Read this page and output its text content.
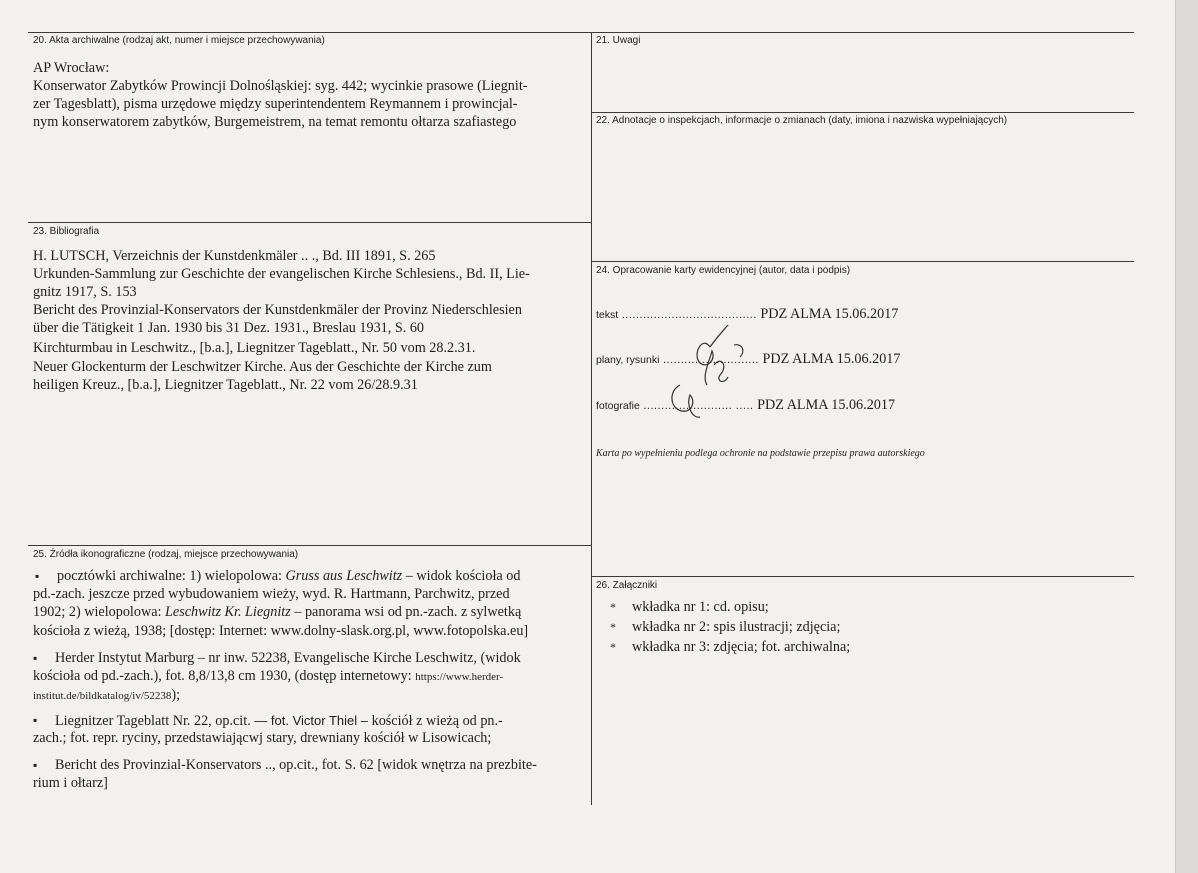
20. Akta archiwalne (rodzaj akt, numer i miejsce przechowywania)
AP Wrocław:
Konserwator Zabytków Prowincji Dolnośląskiej: syg. 442; wycinkie prasowe (Liegnit-
zer Tagesblatt), pisma urzędowe między superintendentem Reymannem i prowincjal-
nym konserwatorem zabytków, Burgemeistrem, na temat remontu ołtarza szafiastego
21. Uwagi
22. Adnotacje o inspekcjach, informacje o zmianach (daty, imiona i nazwiska wypełniających)
23. Bibliografia
H. LUTSCH, Verzeichnis der Kunstdenkmäler .. ., Bd. III 1891, S. 265
Urkunden-Sammlung zur Geschichte der evangelischen Kirche Schlesiens., Bd. II, Lie-
gnitz 1917, S. 153
Bericht des Provinzial-Konservators der Kunstdenkmäler der Provinz Niederschlesien
über die Tätigkeit 1 Jan. 1930 bis 31 Dez. 1931., Breslau 1931, S. 60
Kirchturmbau in Leschwitz., [b.a.], Liegnitzer Tageblatt., Nr. 50 vom 28.2.31.
Neuer Glockenturm der Leschwitzer Kirche. Aus der Geschichte der Kirche zum
heiligen Kreuz., [b.a.], Liegnitzer Tageblatt., Nr. 22 vom 26/28.9.31
24. Opracowanie karty ewidencyjnej (autor, data i podpis)
tekst ...................................... PDZ ALMA 15.06.2017
plany, rysunki ........................... PDZ ALMA 15.06.2017
fotografie ......................... ..... PDZ ALMA 15.06.2017
Karta po wypełnieniu podlega ochronie na podstawie przepisu prawa autorskiego
25. Źródła ikonograficzne (rodzaj, miejsce przechowywania)
▪ pocztówki archiwalne: 1) wielopolowa: Gruss aus Leschwitz – widok kościoła od
pd.-zach. jeszcze przed wybudowaniem wieży, wyd. R. Hartmann, Parchwitz, przed
1902; 2) wielopolowa: Leschwitz Kr. Liegnitz – panorama wsi od pn.-zach. z sylwetką
kościoła z wieżą, 1938; [dostęp: Internet: www.dolny-slask.org.pl, www.fotopolska.eu]
▪ Herder Instytut Marburg – nr inw. 52238, Evangelische Kirche Leschwitz, (widok
kościoła od pd.-zach.), fot. 8,8/13,8 cm 1930, (dostęp internetowy: https://www.herder-
institut.de/bildkatalog/iv/52238);
▪ Liegnitzer Tageblatt Nr. 22, op.cit. — fot. Victor Thiel – kościół z wieżą od pn.-
zach.; fot. repr. ryciny, przedstawiającwj stary, drewniany kościół w Lisowicach;
▪ Bericht des Provinzial-Konservators .., op.cit., fot. S. 62 [widok wnętrza na prezbite-
rium i ołtarz]
26. Załączniki
* wkładka nr 1: cd. opisu;
* wkładka nr 2: spis ilustracji; zdjęcia;
* wkładka nr 3: zdjęcia; fot. archiwalna;
